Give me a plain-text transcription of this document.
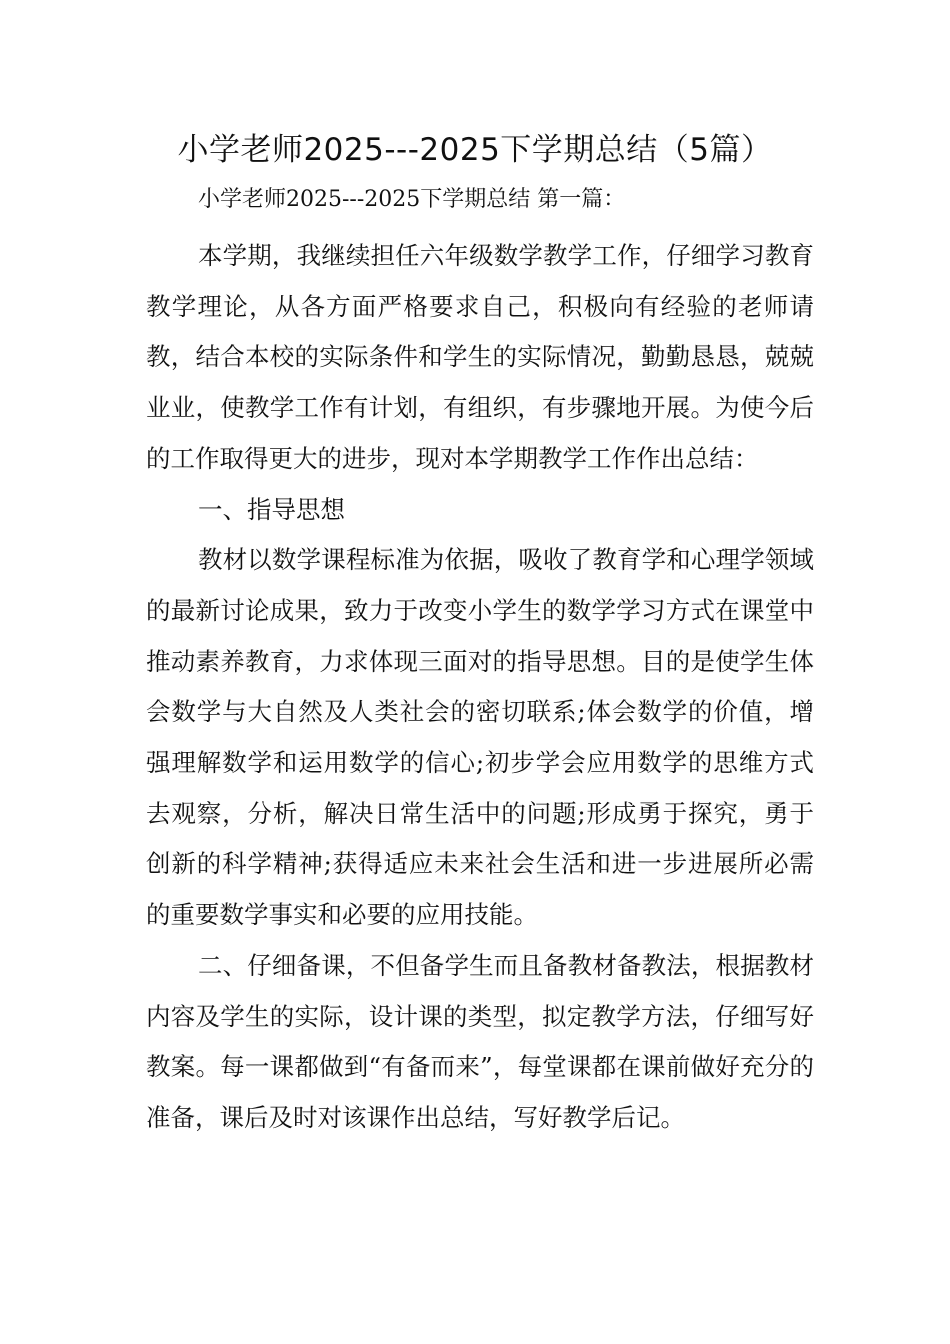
小学老师2025---2025下学期总结（5篇）
小学老师2025---2025下学期总结 第一篇：

本学期，我继续担任六年级数学教学工作，仔细学习教育教学理论，从各方面严格要求自己，积极向有经验的老师请教，结合本校的实际条件和学生的实际情况，勤勤恳恳，兢兢业业，使教学工作有计划，有组织，有步骤地开展。为使今后的工作取得更大的进步，现对本学期教学工作作出总结：

一、指导思想

教材以数学课程标准为依据，吸收了教育学和心理学领域的最新讨论成果，致力于改变小学生的数学学习方式在课堂中推动素养教育，力求体现三面对的指导思想。目的是使学生体会数学与大自然及人类社会的密切联系;体会数学的价值，增强理解数学和运用数学的信心;初步学会应用数学的思维方式去观察，分析，解决日常生活中的问题;形成勇于探究，勇于创新的科学精神;获得适应未来社会生活和进一步进展所必需的重要数学事实和必要的应用技能。

二、仔细备课，不但备学生而且备教材备教法，根据教材内容及学生的实际，设计课的类型，拟定教学方法，仔细写好教案。每一课都做到“有备而来”，每堂课都在课前做好充分的准备，课后及时对该课作出总结，写好教学后记。
